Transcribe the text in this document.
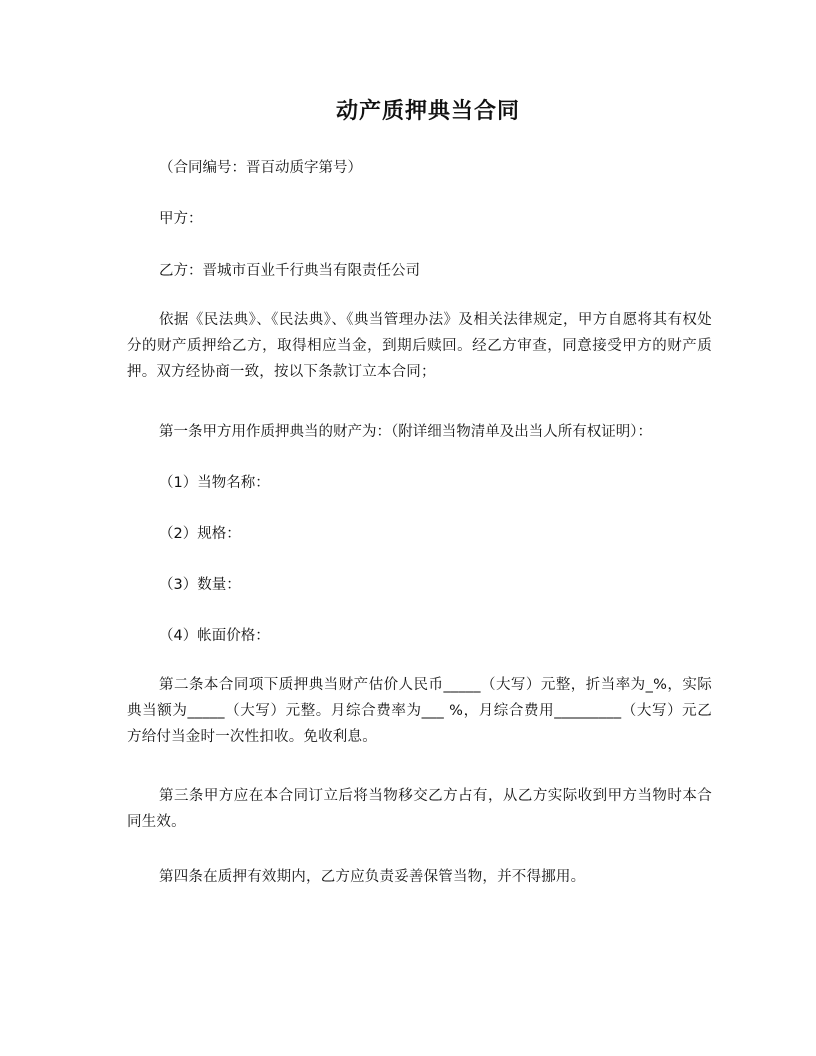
动产质押典当合同
（合同编号：晋百动质字第号）
甲方：
乙方：晋城市百业千行典当有限责任公司
依据《民法典》、《民法典》、《典当管理办法》及相关法律规定，甲方自愿将其有权处分的财产质押给乙方，取得相应当金，到期后赎回。经乙方审查，同意接受甲方的财产质押。双方经协商一致，按以下条款订立本合同；
第一条甲方用作质押典当的财产为：（附详细当物清单及出当人所有权证明）：
（1）当物名称：
（2）规格：
（3）数量：
（4）帐面价格：
第二条本合同项下质押典当财产估价人民币_____（大写）元整，折当率为_%，实际典当额为_____（大写）元整。月综合费率为___ %，月综合费用_________（大写）元乙方给付当金时一次性扣收。免收利息。
第三条甲方应在本合同订立后将当物移交乙方占有，从乙方实际收到甲方当物时本合同生效。
第四条在质押有效期内，乙方应负责妥善保管当物，并不得挪用。
